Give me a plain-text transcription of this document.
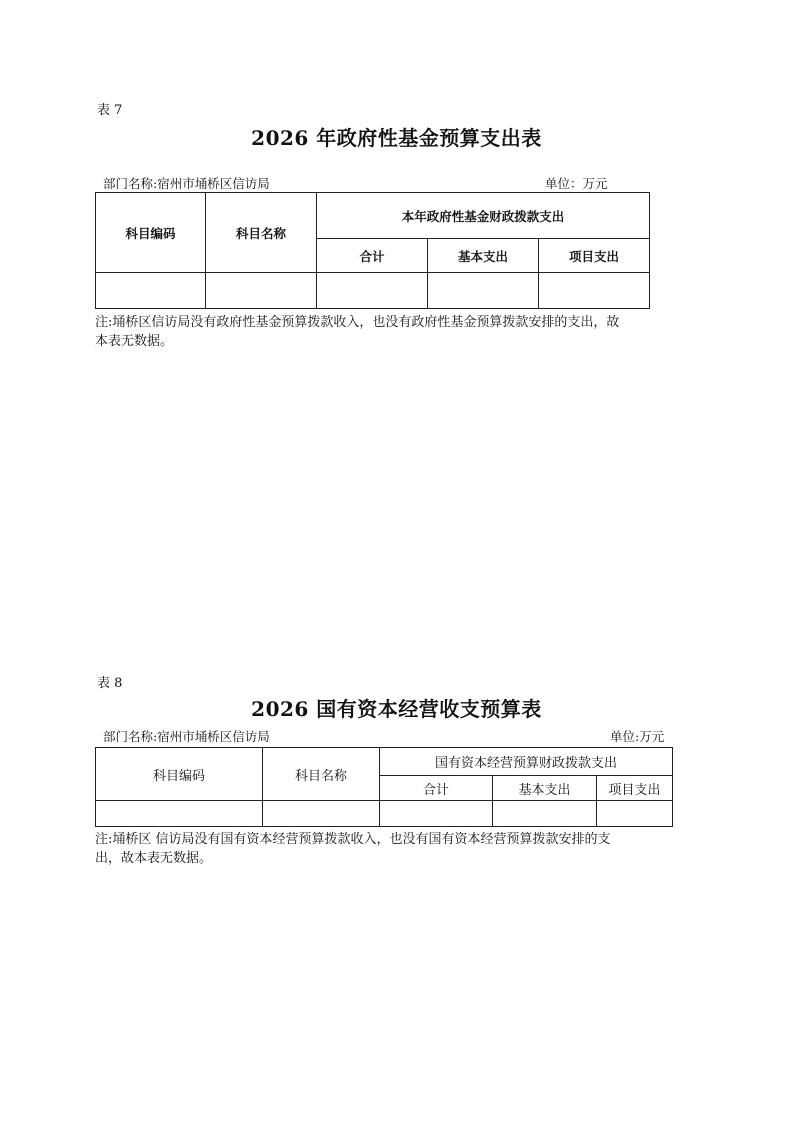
表 7
2026 年政府性基金预算支出表
部门名称:宿州市埇桥区信访局	单位：万元
科目编码	科目名称	本年政府性基金财政拨款支出		
		合计	基本支出	项目支出

注:埇桥区信访局没有政府性基金预算拨款收入，也没有政府性基金预算拨款安排的支出，故
本表无数据。
表 8
2026 国有资本经营收支预算表
部门名称:宿州市埇桥区信访局	单位:万元
科目编码	科目名称	国有资本经营预算财政拨款支出		
		合计	基本支出	项目支出

注:埇桥区 信访局没有国有资本经营预算拨款收入，也没有国有资本经营预算拨款安排的支
出，故本表无数据。
